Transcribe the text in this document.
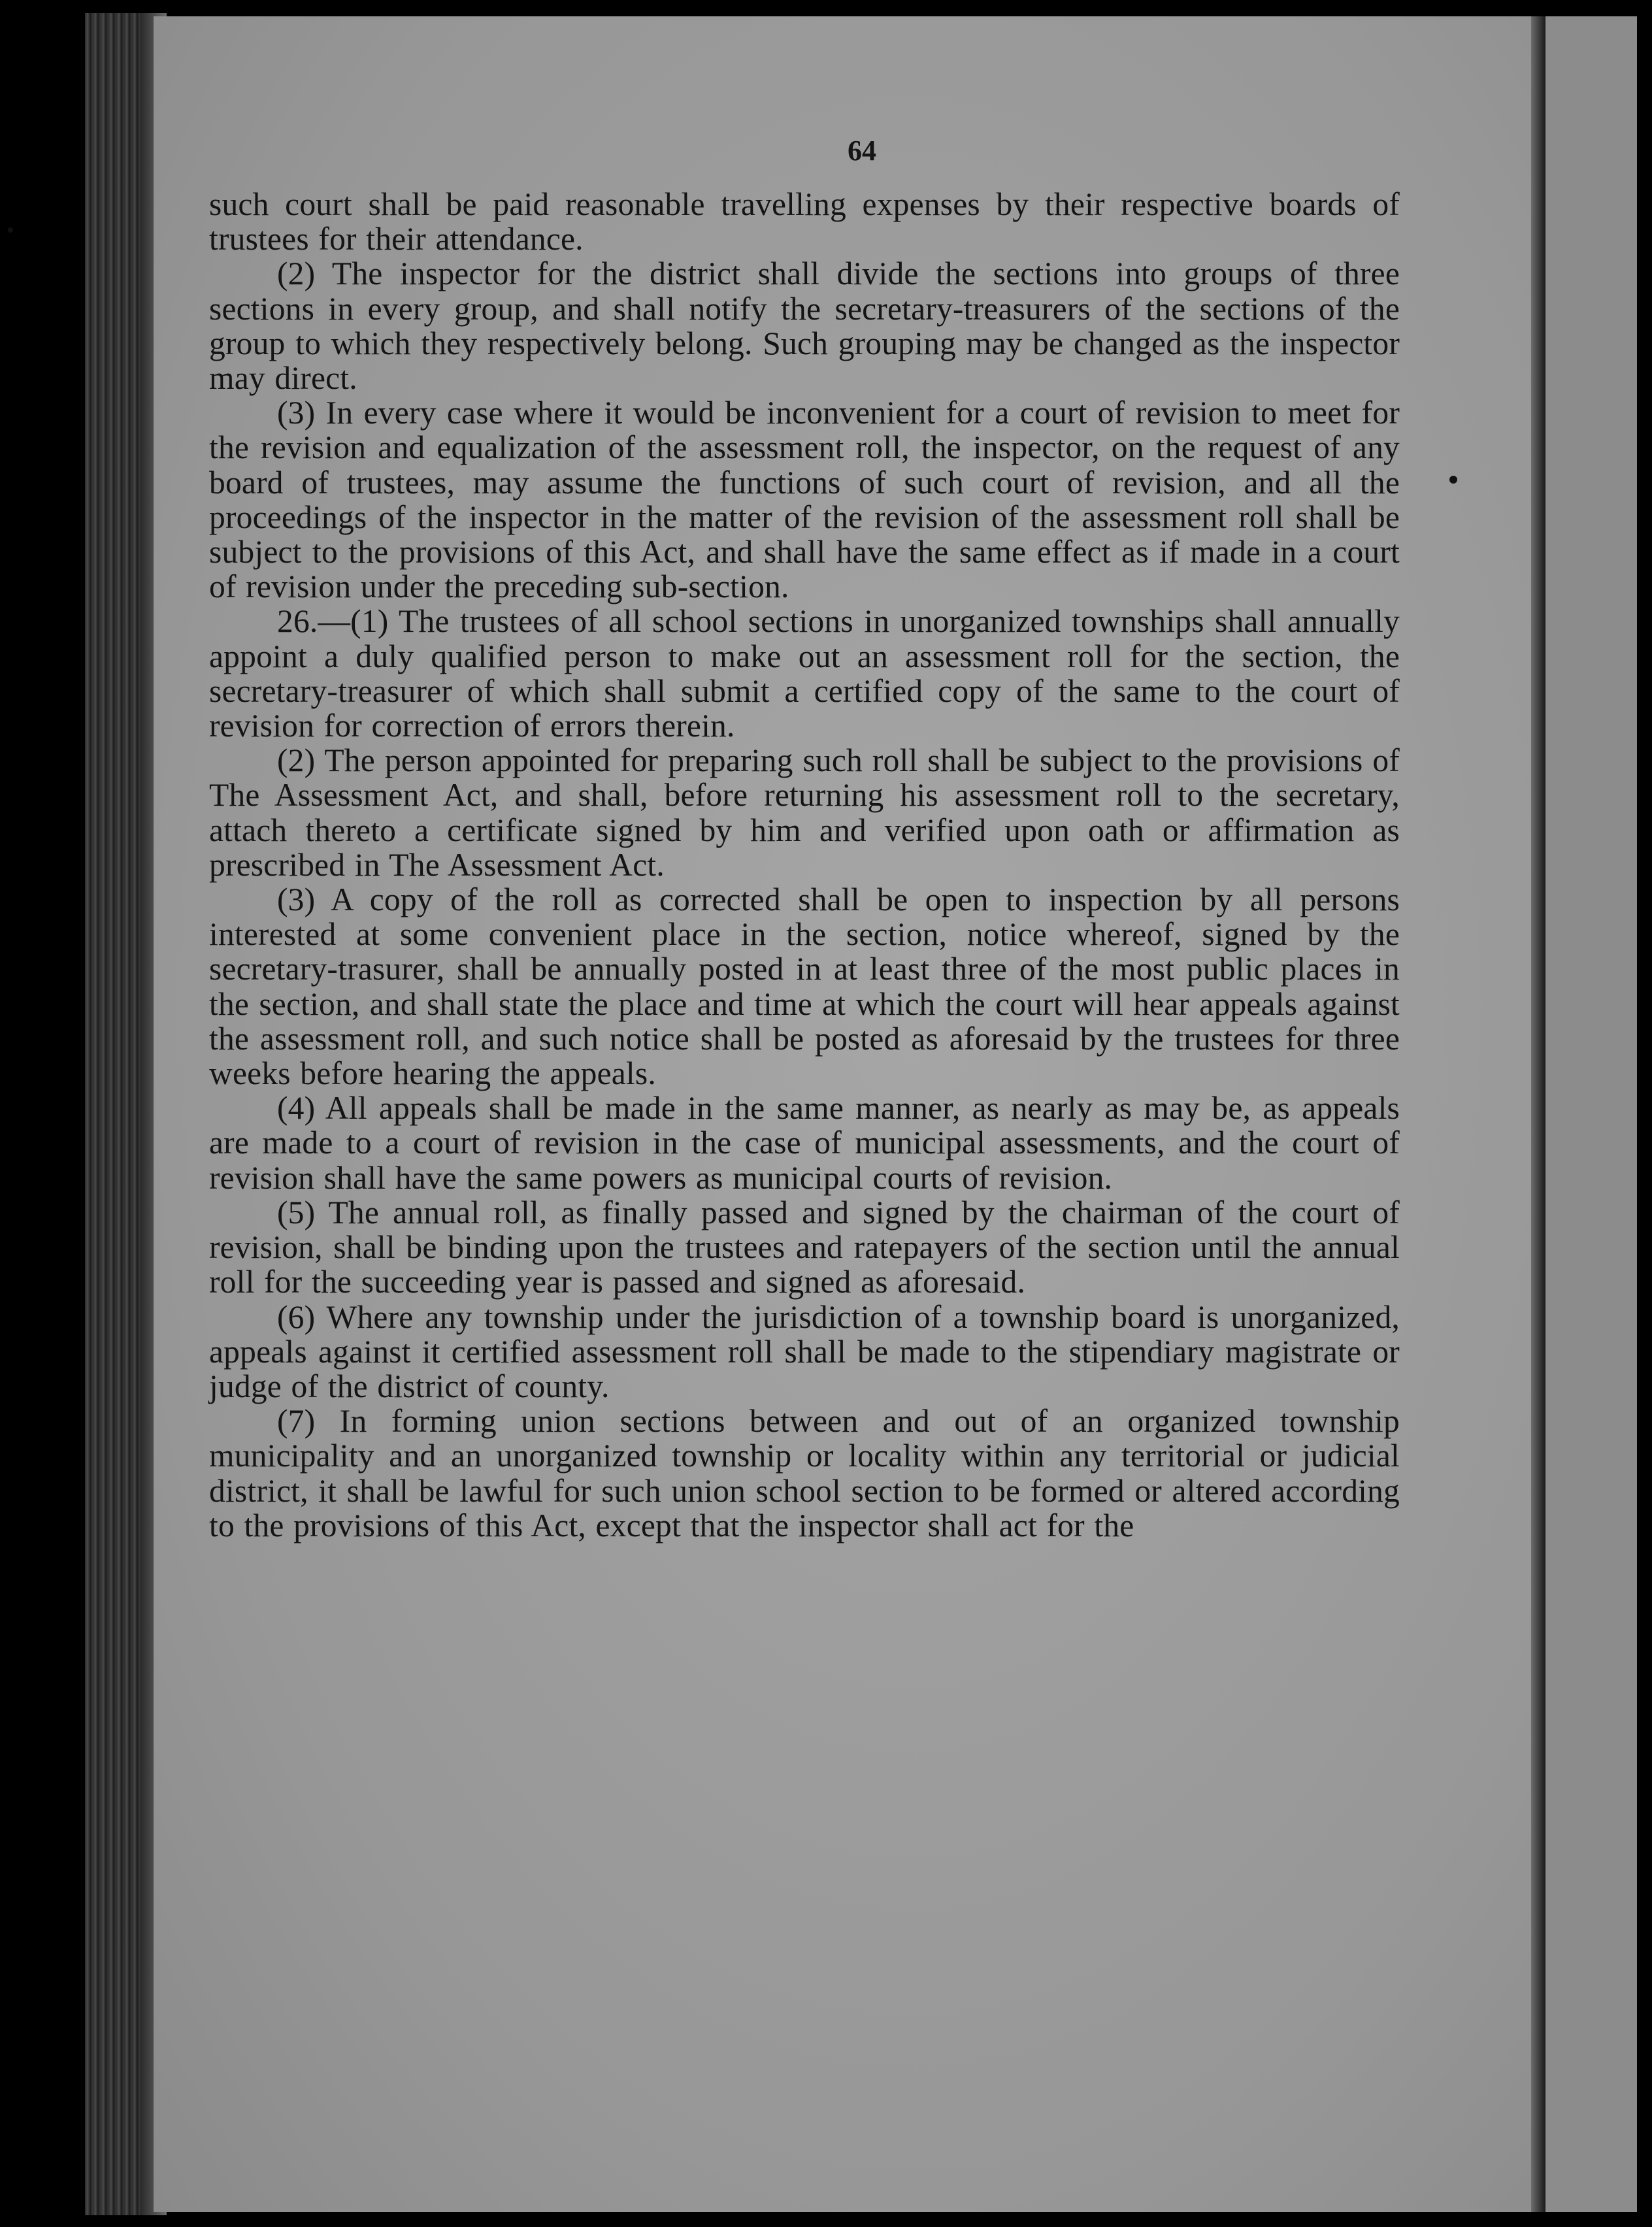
64

such court shall be paid reasonable travelling expenses by their respective boards of trustees for their attendance.

(2) The inspector for the district shall divide the sections into groups of three sections in every group, and shall notify the secretary-treasurers of the sections of the group to which they respectively belong. Such grouping may be changed as the inspector may direct.

(3) In every case where it would be inconvenient for a court of revision to meet for the revision and equalization of the assessment roll, the inspector, on the request of any board of trustees, may assume the functions of such court of revision, and all the proceedings of the inspector in the matter of the revision of the assessment roll shall be subject to the provisions of this Act, and shall have the same effect as if made in a court of revision under the preceding sub-section.

26.—(1) The trustees of all school sections in unorganized townships shall annually appoint a duly qualified person to make out an assessment roll for the section, the secretary-treasurer of which shall submit a certified copy of the same to the court of revision for correction of errors therein.

(2) The person appointed for preparing such roll shall be subject to the provisions of The Assessment Act, and shall, before returning his assessment roll to the secretary, attach thereto a certificate signed by him and verified upon oath or affirmation as prescribed in The Assessment Act.

(3) A copy of the roll as corrected shall be open to inspection by all persons interested at some convenient place in the section, notice whereof, signed by the secretary-trasurer, shall be annually posted in at least three of the most public places in the section, and shall state the place and time at which the court will hear appeals against the assessment roll, and such notice shall be posted as aforesaid by the trustees for three weeks before hearing the appeals.

(4) All appeals shall be made in the same manner, as nearly as may be, as appeals are made to a court of revision in the case of municipal assessments, and the court of revision shall have the same powers as municipal courts of revision.

(5) The annual roll, as finally passed and signed by the chairman of the court of revision, shall be binding upon the trustees and ratepayers of the section until the annual roll for the succeeding year is passed and signed as aforesaid.

(6) Where any township under the jurisdiction of a township board is unorganized, appeals against it certified assessment roll shall be made to the stipendiary magistrate or judge of the district of county.

(7) In forming union sections between and out of an organized township municipality and an unorganized township or locality within any territorial or judicial district, it shall be lawful for such union school section to be formed or altered according to the provisions of this Act, except that the inspector shall act for the
